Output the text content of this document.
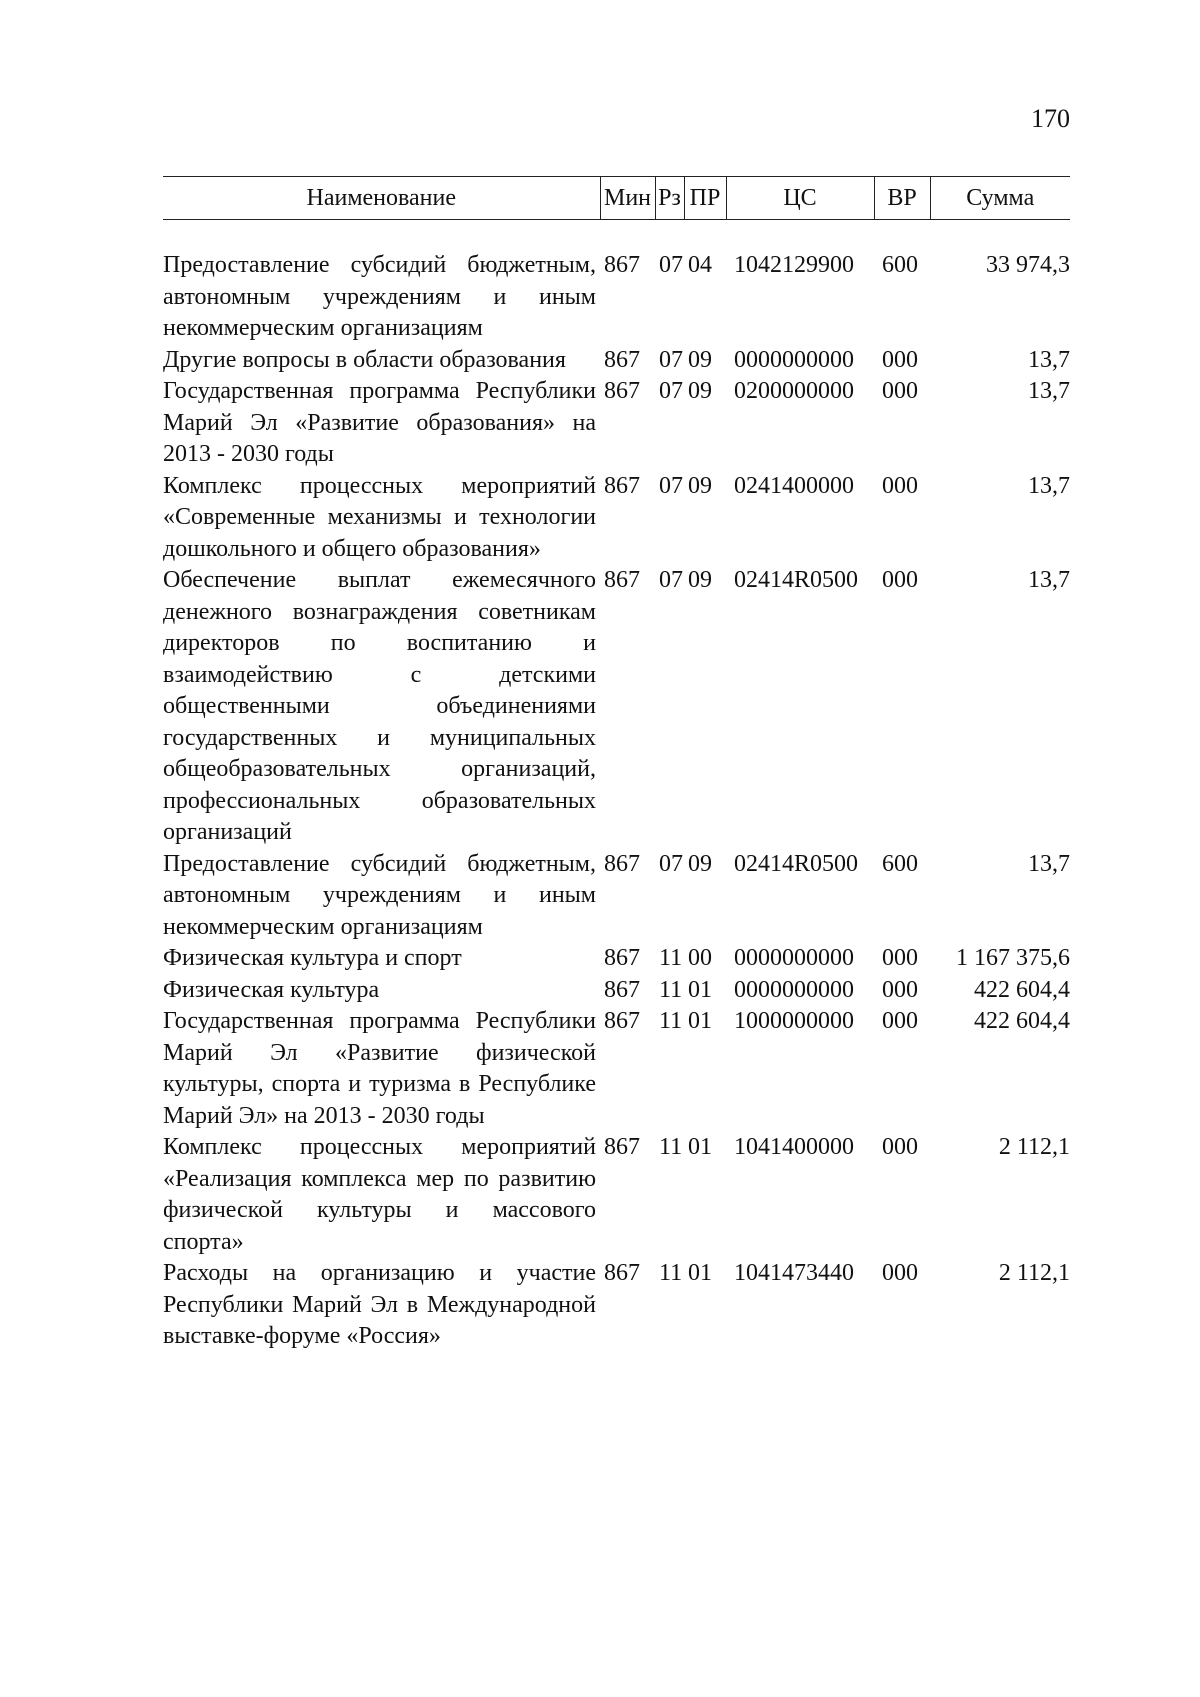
170
Наименование	Мин	Рз	ПР	ЦС	ВР	Сумма
Предоставление субсидий бюджетным, автономным учреждениям и иным некоммерческим организациям	867	07	04	1042129900	600	33 974,3
Другие вопросы в области образования	867	07	09	0000000000	000	13,7
Государственная программа Республики Марий Эл «Развитие образования» на 2013 - 2030 годы	867	07	09	0200000000	000	13,7
Комплекс процессных мероприятий «Современные механизмы и технологии дошкольного и общего образования»	867	07	09	0241400000	000	13,7
Обеспечение выплат ежемесячного денежного вознаграждения советникам директоров по воспитанию и взаимодействию с детскими общественными объединениями государственных и муниципальных общеобразовательных организаций, профессиональных образовательных организаций	867	07	09	02414R0500	000	13,7
Предоставление субсидий бюджетным, автономным учреждениям и иным некоммерческим организациям	867	07	09	02414R0500	600	13,7
Физическая культура и спорт	867	11	00	0000000000	000	1 167 375,6
Физическая культура	867	11	01	0000000000	000	422 604,4
Государственная программа Республики Марий Эл «Развитие физической культуры, спорта и туризма в Республике Марий Эл» на 2013 - 2030 годы	867	11	01	1000000000	000	422 604,4
Комплекс процессных мероприятий «Реализация комплекса мер по развитию физической культуры и массового спорта»	867	11	01	1041400000	000	2 112,1
Расходы на организацию и участие Республики Марий Эл в Международной выставке-форуме «Россия»	867	11	01	1041473440	000	2 112,1
